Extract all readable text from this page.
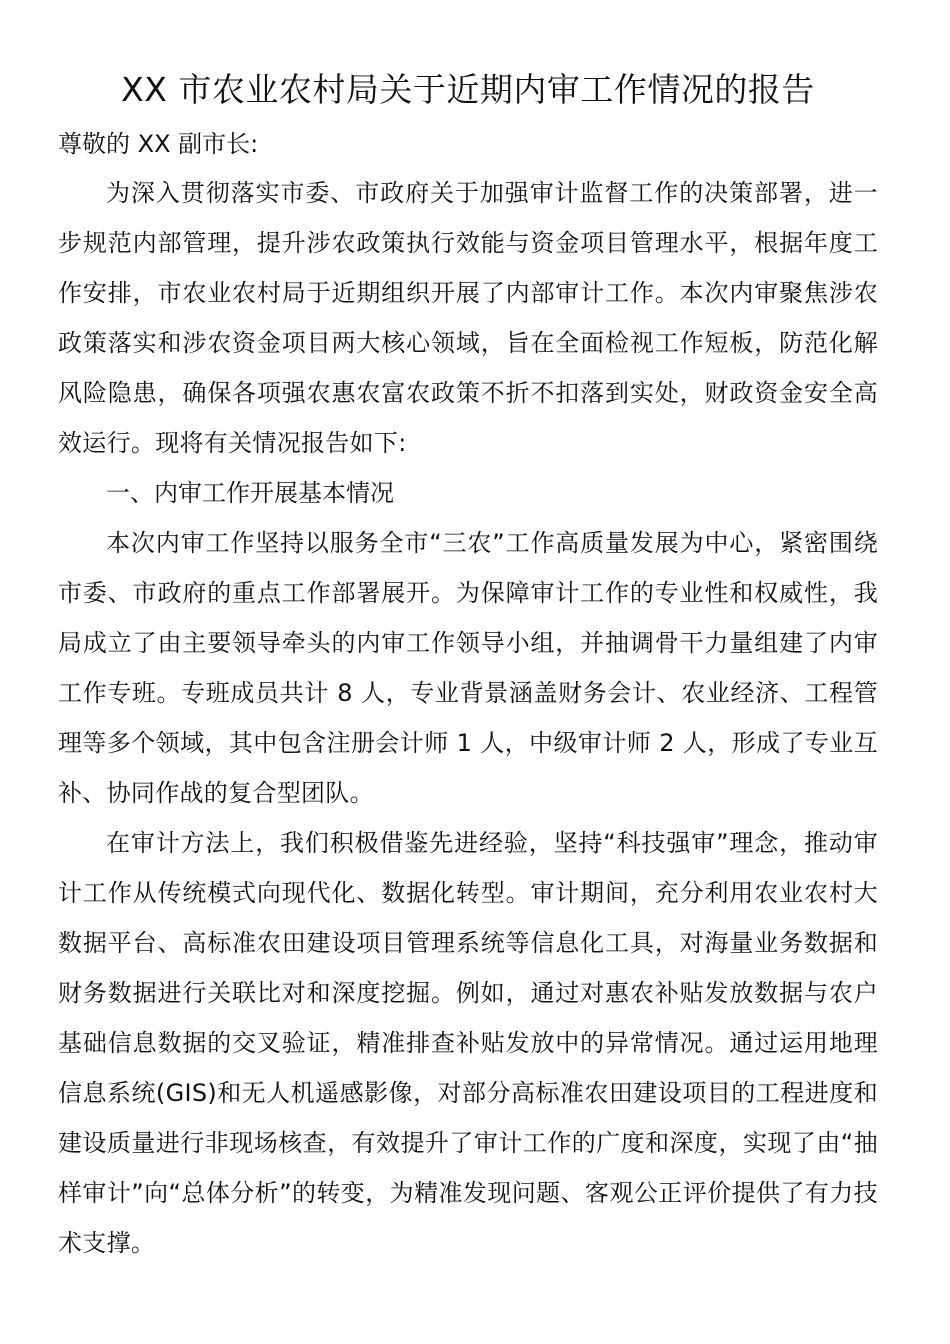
XX 市农业农村局关于近期内审工作情况的报告

尊敬的 XX 副市长:

为深入贯彻落实市委、市政府关于加强审计监督工作的决策部署，进一步规范内部管理，提升涉农政策执行效能与资金项目管理水平，根据年度工作安排，市农业农村局于近期组织开展了内部审计工作。本次内审聚焦涉农政策落实和涉农资金项目两大核心领域，旨在全面检视工作短板，防范化解风险隐患，确保各项强农惠农富农政策不折不扣落到实处，财政资金安全高效运行。现将有关情况报告如下:

一、内审工作开展基本情况

本次内审工作坚持以服务全市“三农”工作高质量发展为中心，紧密围绕市委、市政府的重点工作部署展开。为保障审计工作的专业性和权威性，我局成立了由主要领导牵头的内审工作领导小组，并抽调骨干力量组建了内审工作专班。专班成员共计 8 人，专业背景涵盖财务会计、农业经济、工程管理等多个领域，其中包含注册会计师 1 人，中级审计师 2 人，形成了专业互补、协同作战的复合型团队。

在审计方法上，我们积极借鉴先进经验，坚持“科技强审”理念，推动审计工作从传统模式向现代化、数据化转型。审计期间，充分利用农业农村大数据平台、高标准农田建设项目管理系统等信息化工具，对海量业务数据和财务数据进行关联比对和深度挖掘。例如，通过对惠农补贴发放数据与农户基础信息数据的交叉验证，精准排查补贴发放中的异常情况。通过运用地理信息系统(GIS)和无人机遥感影像，对部分高标准农田建设项目的工程进度和建设质量进行非现场核查，有效提升了审计工作的广度和深度，实现了由“抽样审计”向“总体分析”的转变，为精准发现问题、客观公正评价提供了有力技术支撑。
